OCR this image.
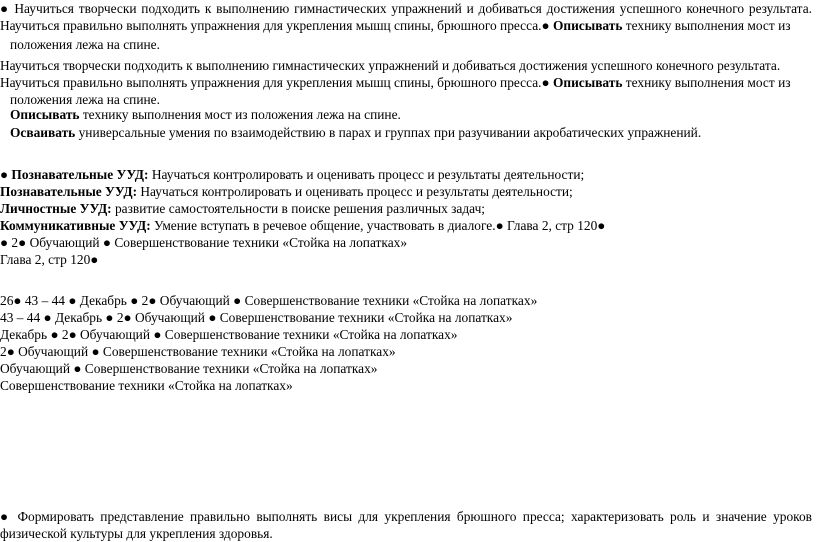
● Научиться творчески подходить к выполнению гимнастических упражнений и добиваться достижения успешного конечного результата.
Научиться правильно выполнять упражнения для укрепления мышц спины, брюшного пресса.● Описывать технику выполнения мост из
положения лежа на спине.
Научиться творчески подходить к выполнению гимнастических упражнений и добиваться достижения успешного конечного результата.
Научиться правильно выполнять упражнения для укрепления мышц спины, брюшного пресса.● Описывать технику выполнения мост из
положения лежа на спине.
Описывать технику выполнения мост из положения лежа на спине.
Осваивать универсальные умения по взаимодействию в парах и группах при разучивании акробатических упражнений.
● Познавательные УУД: Научаться контролировать и оценивать процесс и результаты деятельности;
Познавательные УУД: Научаться контролировать и оценивать процесс и результаты деятельности;
Личностные УУД: развитие самостоятельности в поиске решения различных задач;
Коммуникативные УУД: Умение вступать в речевое общение, участвовать в диалоге.● Глава 2, стр 120●
● 2● Обучающий ● Совершенствование техники «Стойка на лопатках»
Глава 2, стр 120●
26● 43 – 44 ● Декабрь ● 2● Обучающий ● Совершенствование техники «Стойка на лопатках»
43 – 44 ● Декабрь ● 2● Обучающий ● Совершенствование техники «Стойка на лопатках»
Декабрь ● 2● Обучающий ● Совершенствование техники «Стойка на лопатках»
2● Обучающий ● Совершенствование техники «Стойка на лопатках»
Обучающий ● Совершенствование техники «Стойка на лопатках»
Совершенствование техники «Стойка на лопатках»
● Формировать представление правильно выполнять висы для укрепления брюшного пресса; характеризовать роль и значение уроков
физической культуры для укрепления здоровья.
